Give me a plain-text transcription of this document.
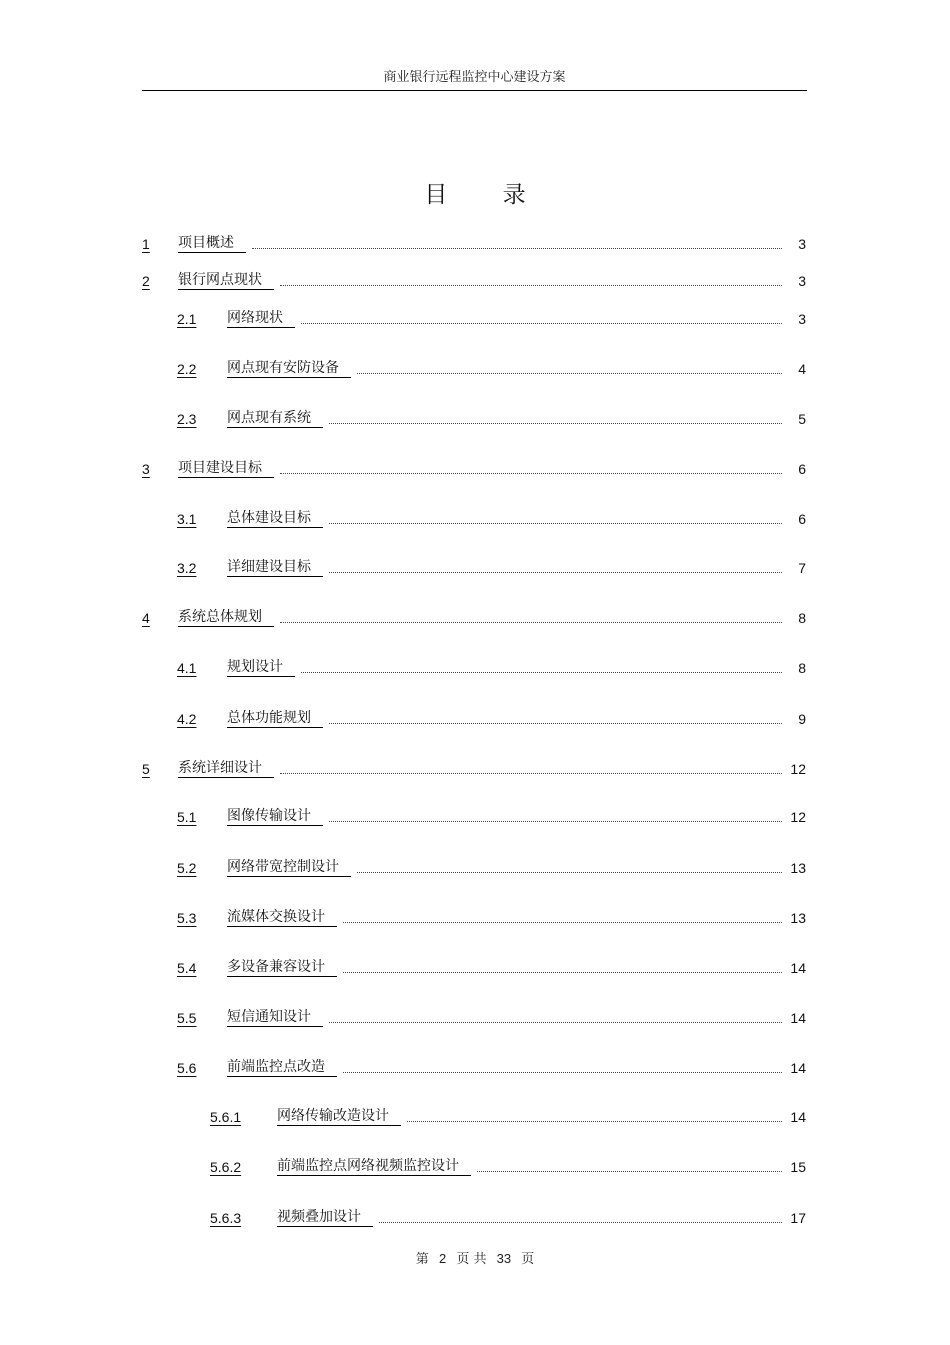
商业银行远程监控中心建设方案
目 录
1	项目概述	3
2	银行网点现状	3
2.1	网络现状	3
2.2	网点现有安防设备	4
2.3	网点现有系统	5
3	项目建设目标	6
3.1	总体建设目标	6
3.2	详细建设目标	7
4	系统总体规划	8
4.1	规划设计	8
4.2	总体功能规划	9
5	系统详细设计	12
5.1	图像传输设计	12
5.2	网络带宽控制设计	13
5.3	流媒体交换设计	13
5.4	多设备兼容设计	14
5.5	短信通知设计	14
5.6	前端监控点改造	14
5.6.1	网络传输改造设计	14
5.6.2	前端监控点网络视频监控设计	15
5.6.3	视频叠加设计	17
第 2 页 共 33 页
